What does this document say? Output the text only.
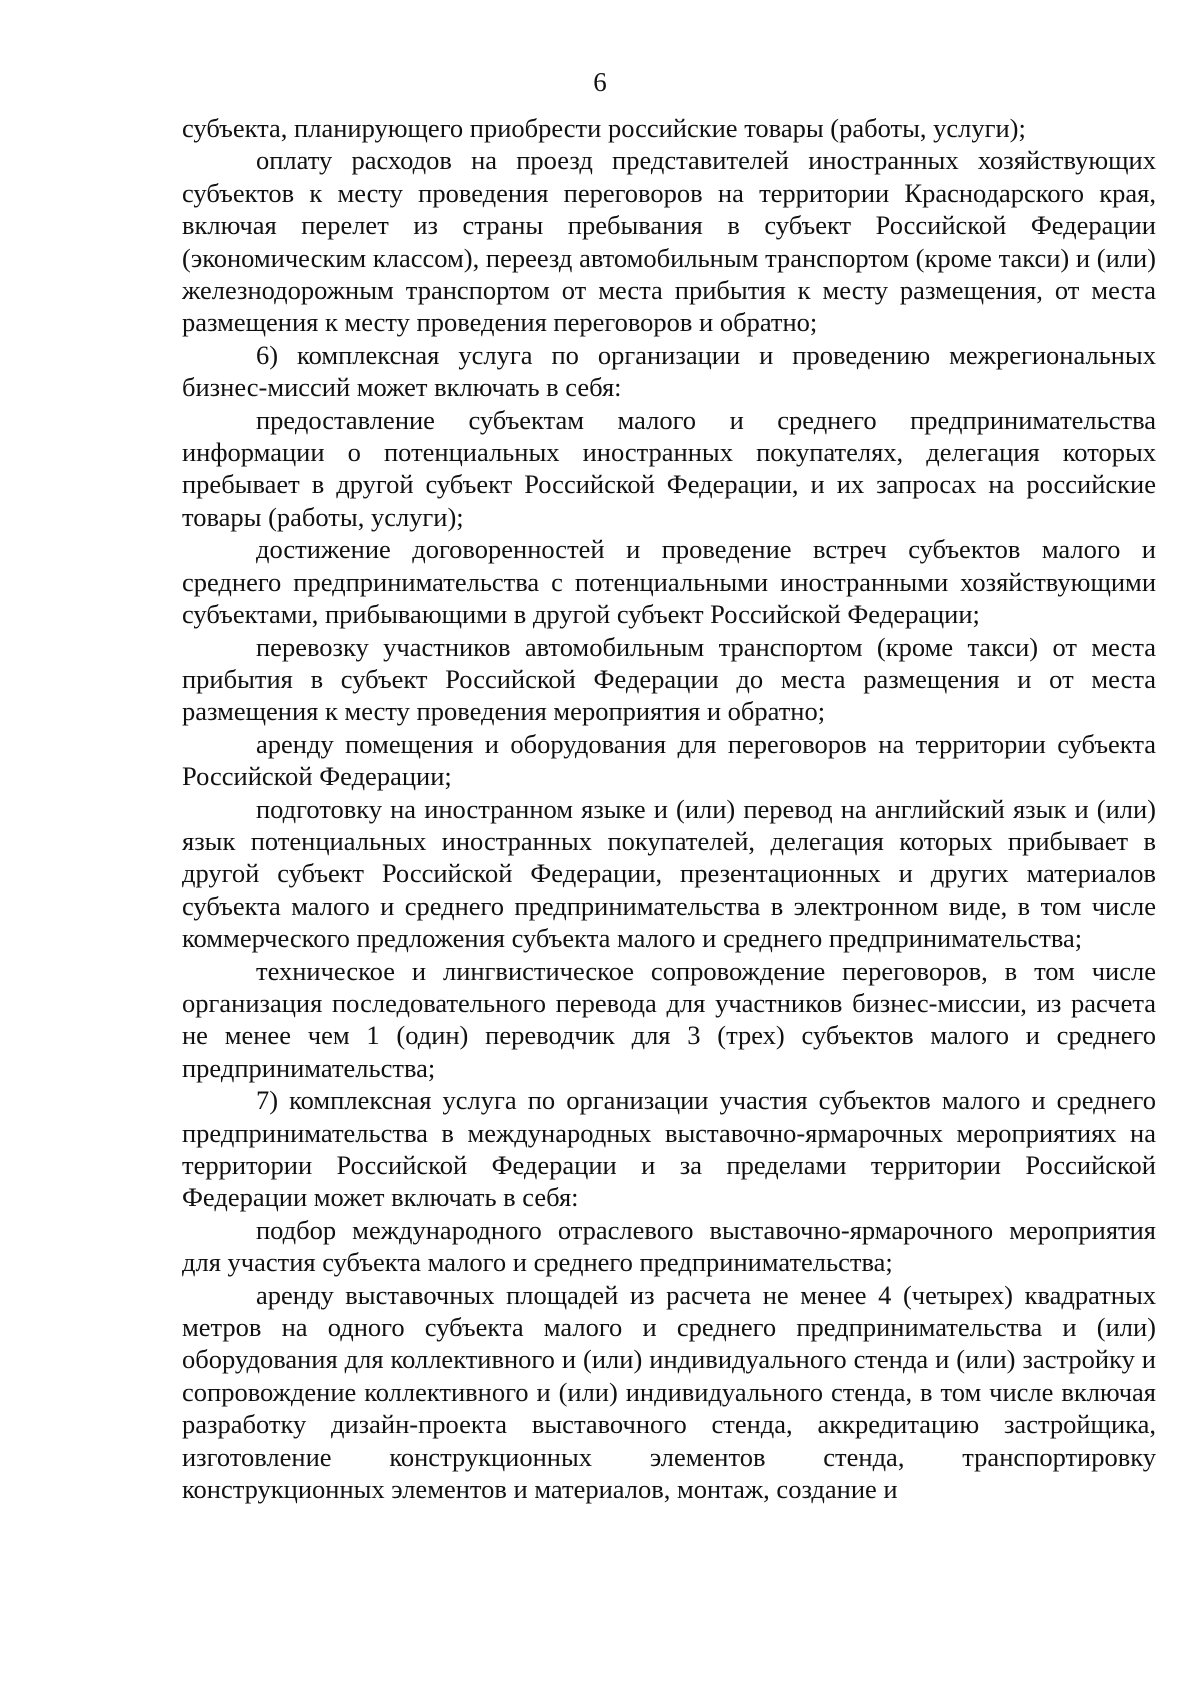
6

субъекта, планирующего приобрести российские товары (работы, услуги);

оплату расходов на проезд представителей иностранных хозяйствующих субъектов к месту проведения переговоров на территории Краснодарского края, включая перелет из страны пребывания в субъект Российской Федерации (экономическим классом), переезд автомобильным транспортом (кроме такси) и (или) железнодорожным транспортом от места прибытия к месту размещения, от места размещения к месту проведения переговоров и обратно;

6) комплексная услуга по организации и проведению межрегиональных бизнес-миссий может включать в себя:

предоставление субъектам малого и среднего предпринимательства информации о потенциальных иностранных покупателях, делегация которых пребывает в другой субъект Российской Федерации, и их запросах на российские товары (работы, услуги);

достижение договоренностей и проведение встреч субъектов малого и среднего предпринимательства с потенциальными иностранными хозяйствующими субъектами, прибывающими в другой субъект Российской Федерации;

перевозку участников автомобильным транспортом (кроме такси) от места прибытия в субъект Российской Федерации до места размещения и от места размещения к месту проведения мероприятия и обратно;

аренду помещения и оборудования для переговоров на территории субъекта Российской Федерации;

подготовку на иностранном языке и (или) перевод на английский язык и (или) язык потенциальных иностранных покупателей, делегация которых прибывает в другой субъект Российской Федерации, презентационных и других материалов субъекта малого и среднего предпринимательства в электронном виде, в том числе коммерческого предложения субъекта малого и среднего предпринимательства;

техническое и лингвистическое сопровождение переговоров, в том числе организация последовательного перевода для участников бизнес-миссии, из расчета не менее чем 1 (один) переводчик для 3 (трех) субъектов малого и среднего предпринимательства;

7) комплексная услуга по организации участия субъектов малого и среднего предпринимательства в международных выставочно-ярмарочных мероприятиях на территории Российской Федерации и за пределами территории Российской Федерации может включать в себя:

подбор международного отраслевого выставочно-ярмарочного мероприятия для участия субъекта малого и среднего предпринимательства;

аренду выставочных площадей из расчета не менее 4 (четырех) квадратных метров на одного субъекта малого и среднего предпринимательства и (или) оборудования для коллективного и (или) индивидуального стенда и (или) застройку и сопровождение коллективного и (или) индивидуального стенда, в том числе включая разработку дизайн-проекта выставочного стенда, аккредитацию застройщика, изготовление конструкционных элементов стенда, транспортировку конструкционных элементов и материалов, монтаж, создание и
